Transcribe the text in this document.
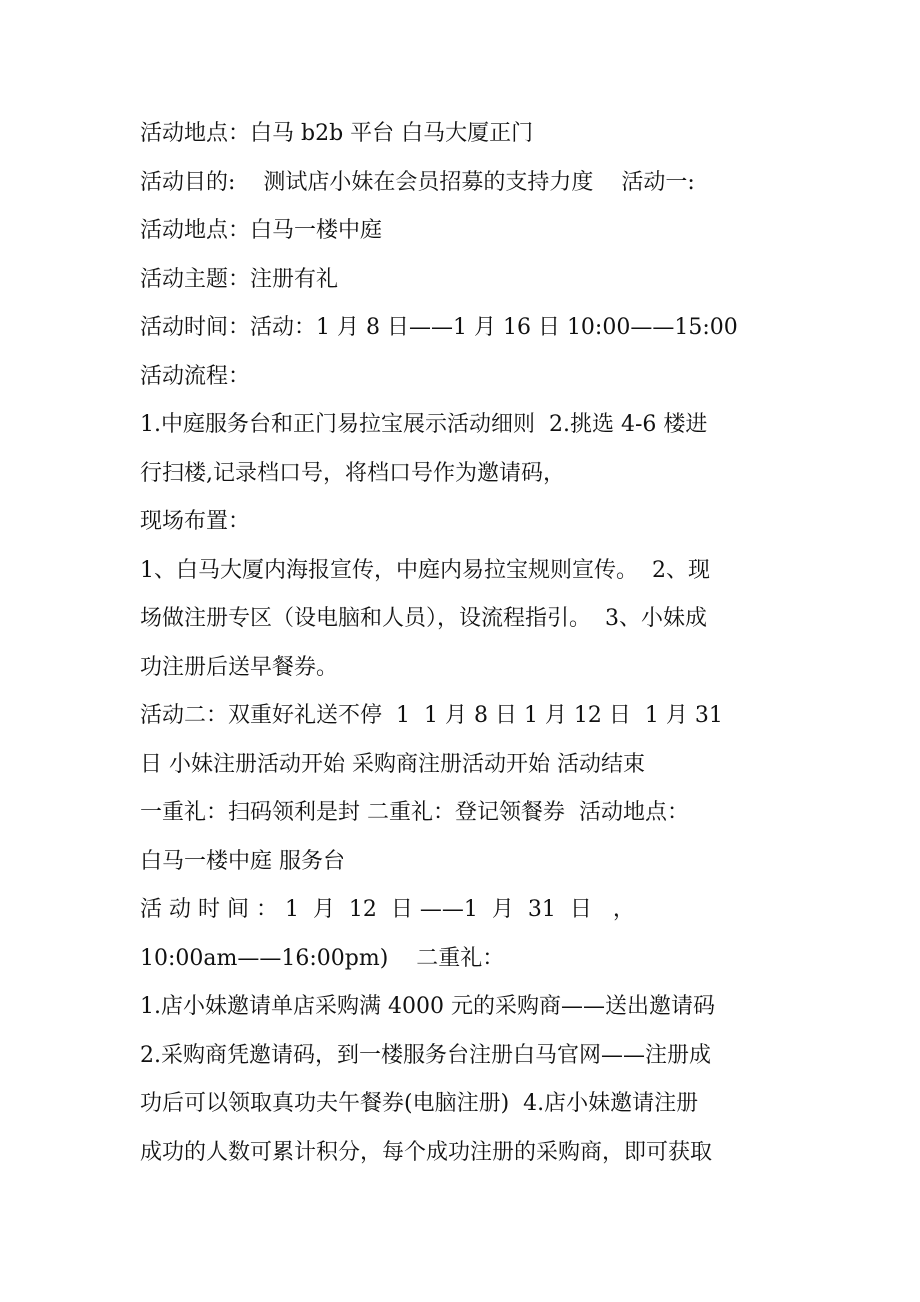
活动地点：白马 b2b 平台 白马大厦正门
活动目的:    测试店小妹在会员招募的支持力度    活动一:
活动地点：白马一楼中庭
活动主题：注册有礼
活动时间：活动：1 月 8 日——1 月 16 日 10:00——15:00
活动流程：
1.中庭服务台和正门易拉宝展示活动细则  2.挑选 4-6 楼进
行扫楼,记录档口号，将档口号作为邀请码，
现场布置：
1、白马大厦内海报宣传，中庭内易拉宝规则宣传。  2、现
场做注册专区（设电脑和人员），设流程指引。  3、小妹成
功注册后送早餐券。
活动二：双重好礼送不停  1  1 月 8 日 1 月 12 日  1 月 31
日 小妹注册活动开始 采购商注册活动开始 活动结束
一重礼：扫码领利是封 二重礼：登记领餐券  活动地点：
白马一楼中庭 服务台
活 动 时 间 ： 1  月  12  日 ——1  月  31  日   ，
10:00am——16:00pm)    二重礼：
1.店小妹邀请单店采购满 4000 元的采购商——送出邀请码
2.采购商凭邀请码，到一楼服务台注册白马官网——注册成
功后可以领取真功夫午餐券(电脑注册)  4.店小妹邀请注册
成功的人数可累计积分，每个成功注册的采购商，即可获取
